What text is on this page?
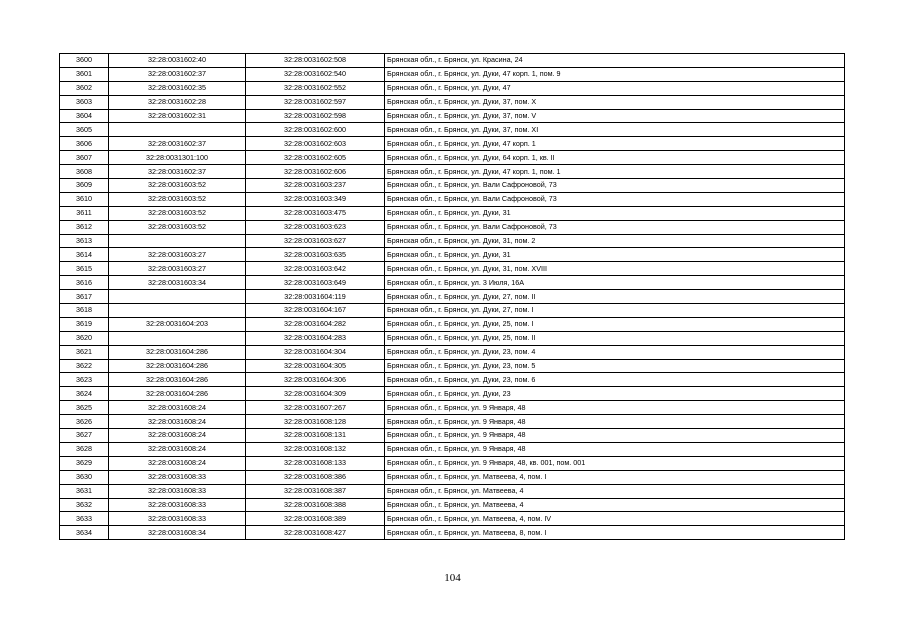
3600	32:28:0031602:40	32:28:0031602:508	Брянская обл., г. Брянск, ул. Красина, 24
3601	32:28:0031602:37	32:28:0031602:540	Брянская обл., г. Брянск, ул. Дуки, 47 корп. 1, пом. 9
3602	32:28:0031602:35	32:28:0031602:552	Брянская обл., г. Брянск, ул. Дуки, 47
3603	32:28:0031602:28	32:28:0031602:597	Брянская обл., г. Брянск, ул. Дуки, 37, пом. X
3604	32:28:0031602:31	32:28:0031602:598	Брянская обл., г. Брянск, ул. Дуки, 37, пом. V
3605		32:28:0031602:600	Брянская обл., г. Брянск, ул. Дуки, 37, пом. XI
3606	32:28:0031602:37	32:28:0031602:603	Брянская обл., г. Брянск, ул. Дуки, 47 корп. 1
3607	32:28:0031301:100	32:28:0031602:605	Брянская обл., г. Брянск, ул. Дуки, 64 корп. 1, кв. II
3608	32:28:0031602:37	32:28:0031602:606	Брянская обл., г. Брянск, ул. Дуки, 47 корп. 1, пом. 1
3609	32:28:0031603:52	32:28:0031603:237	Брянская обл., г. Брянск, ул. Вали Сафроновой, 73
3610	32:28:0031603:52	32:28:0031603:349	Брянская обл., г. Брянск, ул. Вали Сафроновой, 73
3611	32:28:0031603:52	32:28:0031603:475	Брянская обл., г. Брянск, ул. Дуки, 31
3612	32:28:0031603:52	32:28:0031603:623	Брянская обл., г. Брянск, ул. Вали Сафроновой, 73
3613		32:28:0031603:627	Брянская обл., г. Брянск, ул. Дуки, 31, пом. 2
3614	32:28:0031603:27	32:28:0031603:635	Брянская обл., г. Брянск, ул. Дуки, 31
3615	32:28:0031603:27	32:28:0031603:642	Брянская обл., г. Брянск, ул. Дуки, 31, пом. XVIII
3616	32:28:0031603:34	32:28:0031603:649	Брянская обл., г. Брянск, ул. 3 Июля, 16А
3617		32:28:0031604:119	Брянская обл., г. Брянск, ул. Дуки, 27, пом. II
3618		32:28:0031604:167	Брянская обл., г. Брянск, ул. Дуки, 27, пом. I
3619	32:28:0031604:203	32:28:0031604:282	Брянская обл., г. Брянск, ул. Дуки, 25, пом. I
3620		32:28:0031604:283	Брянская обл., г. Брянск, ул. Дуки, 25, пом. II
3621	32:28:0031604:286	32:28:0031604:304	Брянская обл., г. Брянск, ул. Дуки, 23, пом. 4
3622	32:28:0031604:286	32:28:0031604:305	Брянская обл., г. Брянск, ул. Дуки, 23, пом. 5
3623	32:28:0031604:286	32:28:0031604:306	Брянская обл., г. Брянск, ул. Дуки, 23, пом. 6
3624	32:28:0031604:286	32:28:0031604:309	Брянская обл., г. Брянск, ул. Дуки, 23
3625	32:28:0031608:24	32:28:0031607:267	Брянская обл., г. Брянск, ул. 9 Января, 48
3626	32:28:0031608:24	32:28:0031608:128	Брянская обл., г. Брянск, ул. 9 Января, 48
3627	32:28:0031608:24	32:28:0031608:131	Брянская обл., г. Брянск, ул. 9 Января, 48
3628	32:28:0031608:24	32:28:0031608:132	Брянская обл., г. Брянск, ул. 9 Января, 48
3629	32:28:0031608:24	32:28:0031608:133	Брянская обл., г. Брянск, ул. 9 Января, 48, кв. 001, пом. 001
3630	32:28:0031608:33	32:28:0031608:386	Брянская обл., г. Брянск, ул. Матвеева, 4, пом. I
3631	32:28:0031608:33	32:28:0031608:387	Брянская обл., г. Брянск, ул. Матвеева, 4
3632	32:28:0031608:33	32:28:0031608:388	Брянская обл., г. Брянск, ул. Матвеева, 4
3633	32:28:0031608:33	32:28:0031608:389	Брянская обл., г. Брянск, ул. Матвеева, 4, пом. IV
3634	32:28:0031608:34	32:28:0031608:427	Брянская обл., г. Брянск, ул. Матвеева, 8, пом. I
104
